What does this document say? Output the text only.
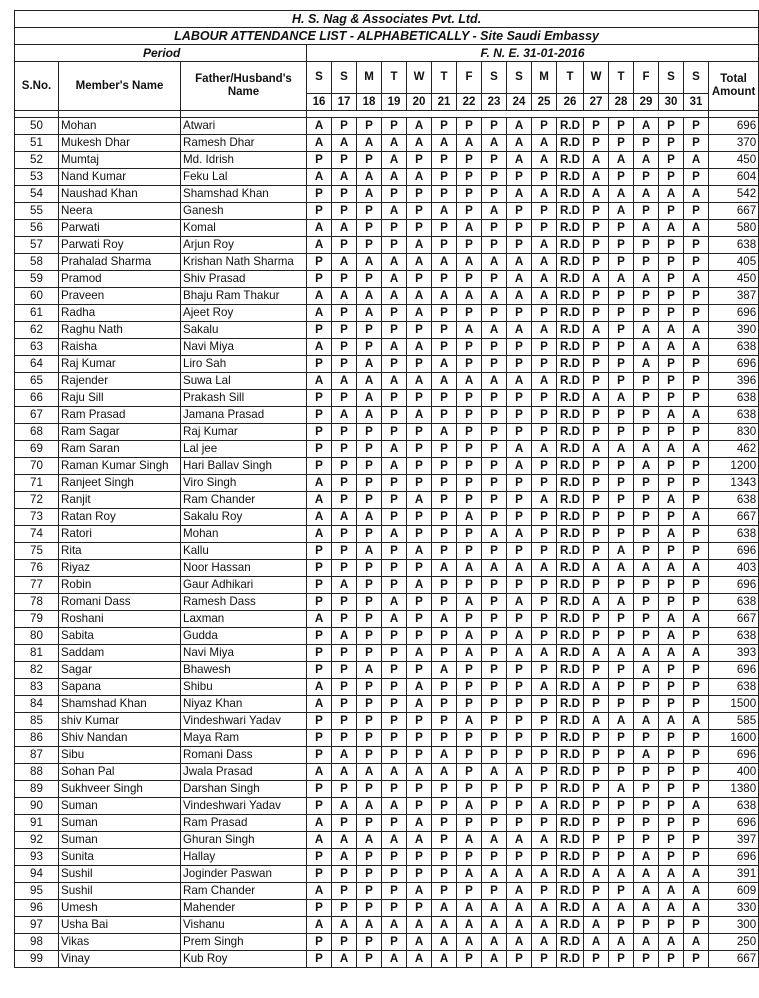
H. S. Nag & Associates Pvt. Ltd.																			
LABOUR ATTENDANCE LIST - ALPHABETICALLY - Site Saudi Embassy																			
Period			F. N. E. 31-01-2016																
S.No.	Member's Name	Father/Husband's Name	S	S	M	T	W	T	F	S	S	M	T	W	T	F	S	S	Total Amount
			16	17	18	19	20	21	22	23	24	25	26	27	28	29	30	31	

50	Mohan	Atwari	A	P	P	P	A	P	P	P	A	P	R.D	P	P	A	P	P	696
51	Mukesh Dhar	Ramesh Dhar	A	A	A	A	A	A	A	A	A	A	R.D	P	P	P	P	P	370
52	Mumtaj	Md. Idrish	P	P	P	A	P	P	P	P	A	A	R.D	A	A	A	P	A	450
53	Nand Kumar	Feku Lal	A	A	A	A	A	P	P	P	P	P	R.D	A	P	P	P	P	604
54	Naushad Khan	Shamshad Khan	P	P	A	P	P	P	P	P	A	A	R.D	A	A	A	A	A	542
55	Neera	Ganesh	P	P	P	A	P	A	P	A	P	P	R.D	P	A	P	P	P	667
56	Parwati	Komal	A	A	P	P	P	P	A	P	P	P	R.D	P	P	A	A	A	580
57	Parwati Roy	Arjun Roy	A	P	P	P	A	P	P	P	P	A	R.D	P	P	P	P	P	638
58	Prahalad Sharma	Krishan Nath Sharma	P	A	A	A	A	A	A	A	A	A	R.D	P	P	P	P	P	405
59	Pramod	Shiv Prasad	P	P	P	A	P	P	P	P	A	A	R.D	A	A	A	P	A	450
60	Praveen	Bhaju Ram Thakur	A	A	A	A	A	A	A	A	A	A	R.D	P	P	P	P	P	387
61	Radha	Ajeet Roy	A	P	A	P	A	P	P	P	P	P	R.D	P	P	P	P	P	696
62	Raghu Nath	Sakalu	P	P	P	P	P	P	A	A	A	A	R.D	A	P	A	A	A	390
63	Raisha	Navi Miya	A	P	P	A	A	P	P	P	P	P	R.D	P	P	A	A	A	638
64	Raj Kumar	Liro Sah	P	P	A	P	P	A	P	P	P	P	R.D	P	P	A	P	P	696
65	Rajender	Suwa Lal	A	A	A	A	A	A	A	A	A	A	R.D	P	P	P	P	P	396
66	Raju Sill	Prakash Sill	P	P	A	P	P	P	P	P	P	P	R.D	A	A	P	P	P	638
67	Ram Prasad	Jamana Prasad	P	A	A	P	A	P	P	P	P	P	R.D	P	P	P	A	A	638
68	Ram Sagar	Raj Kumar	P	P	P	P	P	A	P	P	P	P	R.D	P	P	P	P	P	830
69	Ram Saran	Lal jee	P	P	P	A	P	P	P	P	A	A	R.D	A	A	A	A	A	462
70	Raman Kumar Singh	Hari Ballav Singh	P	P	P	A	P	P	P	P	A	P	R.D	P	P	A	P	P	1200
71	Ranjeet Singh	Viro Singh	A	P	P	P	P	P	P	P	P	P	R.D	P	P	P	P	P	1343
72	Ranjit	Ram Chander	A	P	P	P	A	P	P	P	P	A	R.D	P	P	P	A	P	638
73	Ratan Roy	Sakalu Roy	A	A	A	P	P	P	A	P	P	P	R.D	P	P	P	P	A	667
74	Ratori	Mohan	A	P	P	A	P	P	P	A	A	P	R.D	P	P	P	A	P	638
75	Rita	Kallu	P	P	A	P	A	P	P	P	P	P	R.D	P	A	P	P	P	696
76	Riyaz	Noor Hassan	P	P	P	P	P	A	A	A	A	A	R.D	A	A	A	A	A	403
77	Robin	Gaur Adhikari	P	A	P	P	A	P	P	P	P	P	R.D	P	P	P	P	P	696
78	Romani Dass	Ramesh Dass	P	P	P	A	P	P	A	P	A	P	R.D	A	A	P	P	P	638
79	Roshani	Laxman	A	P	P	A	P	A	P	P	P	P	R.D	P	P	P	A	A	667
80	Sabita	Gudda	P	A	P	P	P	P	A	P	A	P	R.D	P	P	P	A	P	638
81	Saddam	Navi Miya	P	P	P	P	A	P	A	P	A	A	R.D	A	A	A	A	A	393
82	Sagar	Bhawesh	P	P	A	P	P	A	P	P	P	P	R.D	P	P	A	P	P	696
83	Sapana	Shibu	A	P	P	P	A	P	P	P	P	A	R.D	A	P	P	P	P	638
84	Shamshad Khan	Niyaz Khan	A	P	P	P	A	P	P	P	P	P	R.D	P	P	P	P	P	1500
85	shiv Kumar	Vindeshwari Yadav	P	P	P	P	P	P	A	P	P	P	R.D	A	A	A	A	A	585
86	Shiv Nandan	Maya Ram	P	P	P	P	P	P	P	P	P	P	R.D	P	P	P	P	P	1600
87	Sibu	Romani Dass	P	A	P	P	P	A	P	P	P	P	R.D	P	P	A	P	P	696
88	Sohan Pal	Jwala Prasad	A	A	A	A	A	A	P	A	A	P	R.D	P	P	P	P	P	400
89	Sukhveer Singh	Darshan Singh	P	P	P	P	P	P	P	P	P	P	R.D	P	A	P	P	P	1380
90	Suman	Vindeshwari Yadav	P	A	A	A	P	P	A	P	P	A	R.D	P	P	P	P	A	638
91	Suman	Ram Prasad	A	P	P	P	A	P	P	P	P	P	R.D	P	P	P	P	P	696
92	Suman	Ghuran Singh	A	A	A	A	A	P	A	A	A	A	R.D	P	P	P	P	P	397
93	Sunita	Hallay	P	A	P	P	P	P	P	P	P	P	R.D	P	P	A	P	P	696
94	Sushil	Joginder Paswan	P	P	P	P	P	P	A	A	A	A	R.D	A	A	A	A	A	391
95	Sushil	Ram Chander	A	P	P	P	A	P	P	P	A	P	R.D	P	P	A	A	A	609
96	Umesh	Mahender	P	P	P	P	P	A	A	A	A	A	R.D	A	A	A	A	A	330
97	Usha Bai	Vishanu	A	A	A	A	A	A	A	A	A	A	R.D	A	P	P	P	P	300
98	Vikas	Prem Singh	P	P	P	P	A	A	A	A	A	A	R.D	A	A	A	A	A	250
99	Vinay	Kub Roy	P	A	P	A	A	A	P	A	P	P	R.D	P	P	P	P	P	667
